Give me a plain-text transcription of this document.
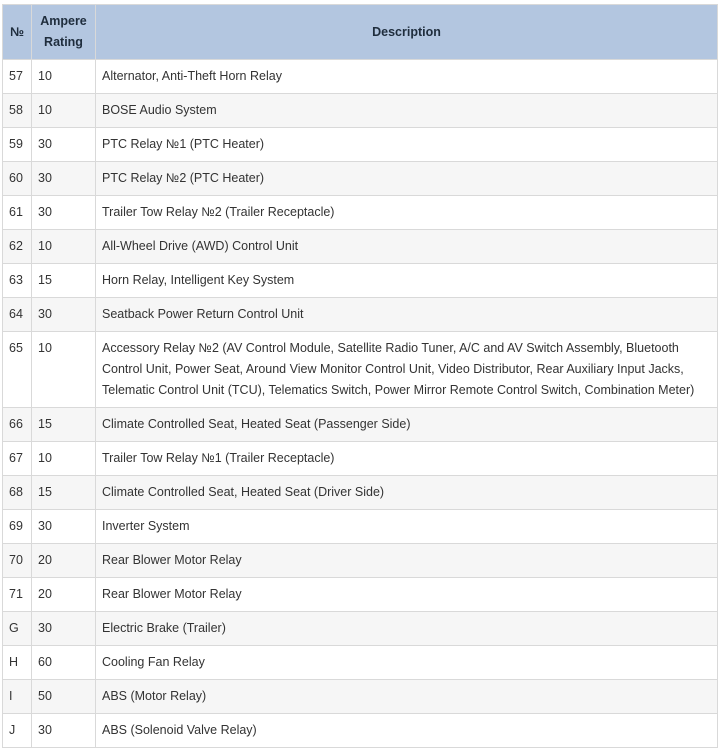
№	Ampere Rating	Description
57	10	Alternator, Anti-Theft Horn Relay
58	10	BOSE Audio System
59	30	PTC Relay №1 (PTC Heater)
60	30	PTC Relay №2 (PTC Heater)
61	30	Trailer Tow Relay №2 (Trailer Receptacle)
62	10	All-Wheel Drive (AWD) Control Unit
63	15	Horn Relay, Intelligent Key System
64	30	Seatback Power Return Control Unit
65	10	Accessory Relay №2 (AV Control Module, Satellite Radio Tuner, A/C and AV Switch Assembly, Bluetooth Control Unit, Power Seat, Around View Monitor Control Unit, Video Distributor, Rear Auxiliary Input Jacks, Telematic Control Unit (TCU), Telematics Switch, Power Mirror Remote Control Switch, Combination Meter)
66	15	Climate Controlled Seat, Heated Seat (Passenger Side)
67	10	Trailer Tow Relay №1 (Trailer Receptacle)
68	15	Climate Controlled Seat, Heated Seat (Driver Side)
69	30	Inverter System
70	20	Rear Blower Motor Relay
71	20	Rear Blower Motor Relay
G	30	Electric Brake (Trailer)
H	60	Cooling Fan Relay
I	50	ABS (Motor Relay)
J	30	ABS (Solenoid Valve Relay)
